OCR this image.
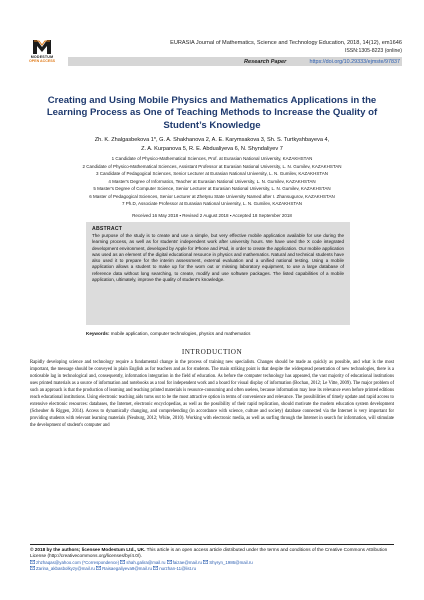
MODESTUM
OPEN ACCESS
EURASIA Journal of Mathematics, Science and Technology Education, 2018, 14(12), em1646
ISSN:1305-8223 (online)
Research Paper	https://doi.org/10.29333/ejmste/97837
Creating and Using Mobile Physics and Mathematics Applications in the Learning Process as One of Teaching Methods to Increase the Quality of Student’s Knowledge
Zh. K. Zhalgasbekova 1*, G. A. Shakhanova 2, A. E. Karymsakova 3, Sh. S. Turtkyshbayeva 4,
Z. A. Kurpanova 5, R. E. Abdualiyeva 6, N. Shyndaliyev 7
1 Candidate of Physico-Mathematical Sciences, Prof. at Eurasian National University, KAZAKHSTAN
2 Candidate of Physico-Mathematical Sciences, Assistant Professor at Eurasian National University, L. N. Gumilev, KAZAKHSTAN
3 Candidate of Pedagogical Sciences, Senior Lecturer at Eurasian National University, L. N. Gumilev, KAZAKHSTAN
4 Master's Degree of Informatics, Teacher at Eurasian National University, L. N. Gumilev, KAZAKHSTAN
5 Master's Degree of Computer Science, Senior Lecturer at Eurasian National University, L. N. Gumilev, KAZAKHSTAN
6 Master of Pedagogical Sciences, Senior Lecturer at Zhetysu State University Named after I. Zhansugurov, KAZAKHSTAN
7 Ph.D, Associate Professor at Eurasian National University, L. N. Gumilev, KAZAKHSTAN
Received 16 May 2018 ▪ Revised 2 August 2018 ▪ Accepted 18 September 2018
ABSTRACT
The purpose of the study is to create and use a simple, but very effective mobile application available for use during the learning process, as well as for students' independent work after university hours. We have used the X code integrated development environment, developed by Apple for iPhone and iPad, in order to create the application. Our mobile application was used as an element of the digital educational resource in physics and mathematics. Natural and technical students have also used it to prepare for the interim assessment, external evaluation and a unified national testing. Using a mobile application allows a student to make up for the worn out or missing laboratory equipment, to use a large database of reference data without long searching, to create, modify and use software packages. The listed capabilities of a mobile application, ultimately, improve the quality of student's knowledge.
Keywords: mobile application, computer technologies, physics and mathematics
INTRODUCTION
Rapidly developing science and technology require a fundamental change in the process of training new specialists. Changes should be made as quickly as possible, and what is the most important, the message should be conveyed in plain English as for teachers and as for students. The main striking point is that despite the widespread penetration of new technologies, there is a noticeable lag in technological and, consequently, information integration in the field of education. As before the computer technology has appeared, the vast majority of educational institutions uses printed materials as a source of information and notebooks as a tool for independent work and a board for visual display of information (Bochan, 2012; Le Vitte, 2009). The major problem of such an approach is that the production of learning and teaching printed materials is resource-consuming and often useless, because information may lose its relevance even before printed editions reach educational institutions. Using electronic teaching aids turns out to be the most attractive option in terms of convenience and relevance. The possibilities of timely update and rapid access to extensive electronic resources: databases, the Internet, electronic encyclopedias, as well as the possibility of their rapid replication, should motivate the modern education system development (Scheuber & Riggen, 2014). Access to dynamically changing, and comprehending (in accordance with science, culture and society) database connected via the Internet is very important for providing students with relevant learning materials (Neuburg, 2012; White, 2010). Working with electronic media, as well as surfing through the Internet in search for information, will stimulate the development of student's computer and
© 2018 by the authors; licensee Modestum Ltd., UK. This article is an open access article distributed under the terms and conditions of the Creative Commons Attribution License (http://creativecommons.org/licenses/by/4.0/).
zhzhaqas@yahoo.com (*Correspondence) shah.galira@mail.ru faizae@mail.ru Shyryn_1986@mail.ru
Zarina_akbasbolkyzy@mail.ru Raisaegaliyeva9@mail.ru nurzhan-11@list.ru
